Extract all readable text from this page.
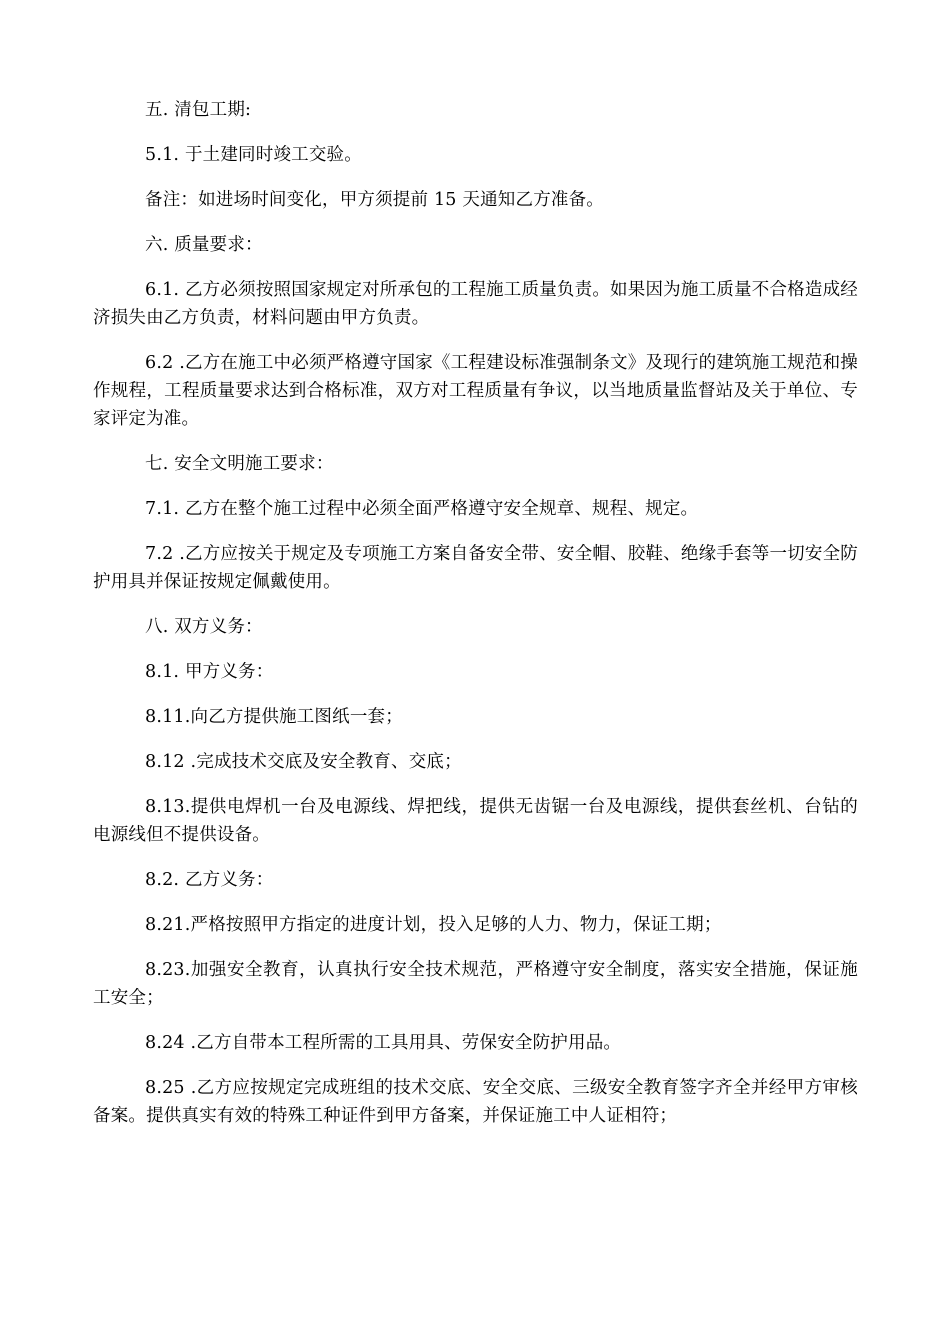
五. 清包工期:

5.1. 于土建同时竣工交验。

备注：如进场时间变化，甲方须提前 15 天通知乙方准备。

六. 质量要求：

6.1. 乙方必须按照国家规定对所承包的工程施工质量负责。如果因为施工质量不合格造成经济损失由乙方负责，材料问题由甲方负责。

6.2 .乙方在施工中必须严格遵守国家《工程建设标准强制条文》及现行的建筑施工规范和操作规程，工程质量要求达到合格标准，双方对工程质量有争议，以当地质量监督站及关于单位、专家评定为准。

七. 安全文明施工要求：

7.1. 乙方在整个施工过程中必须全面严格遵守安全规章、规程、规定。

7.2 .乙方应按关于规定及专项施工方案自备安全带、安全帽、胶鞋、绝缘手套等一切安全防护用具并保证按规定佩戴使用。

八. 双方义务：

8.1. 甲方义务：

8.11.向乙方提供施工图纸一套；

8.12 .完成技术交底及安全教育、交底；

8.13.提供电焊机一台及电源线、焊把线，提供无齿锯一台及电源线，提供套丝机、台钻的电源线但不提供设备。

8.2. 乙方义务：

8.21.严格按照甲方指定的进度计划，投入足够的人力、物力，保证工期；

8.23.加强安全教育，认真执行安全技术规范，严格遵守安全制度，落实安全措施，保证施工安全；

8.24 .乙方自带本工程所需的工具用具、劳保安全防护用品。

8.25 .乙方应按规定完成班组的技术交底、安全交底、三级安全教育签字齐全并经甲方审核备案。提供真实有效的特殊工种证件到甲方备案，并保证施工中人证相符；
